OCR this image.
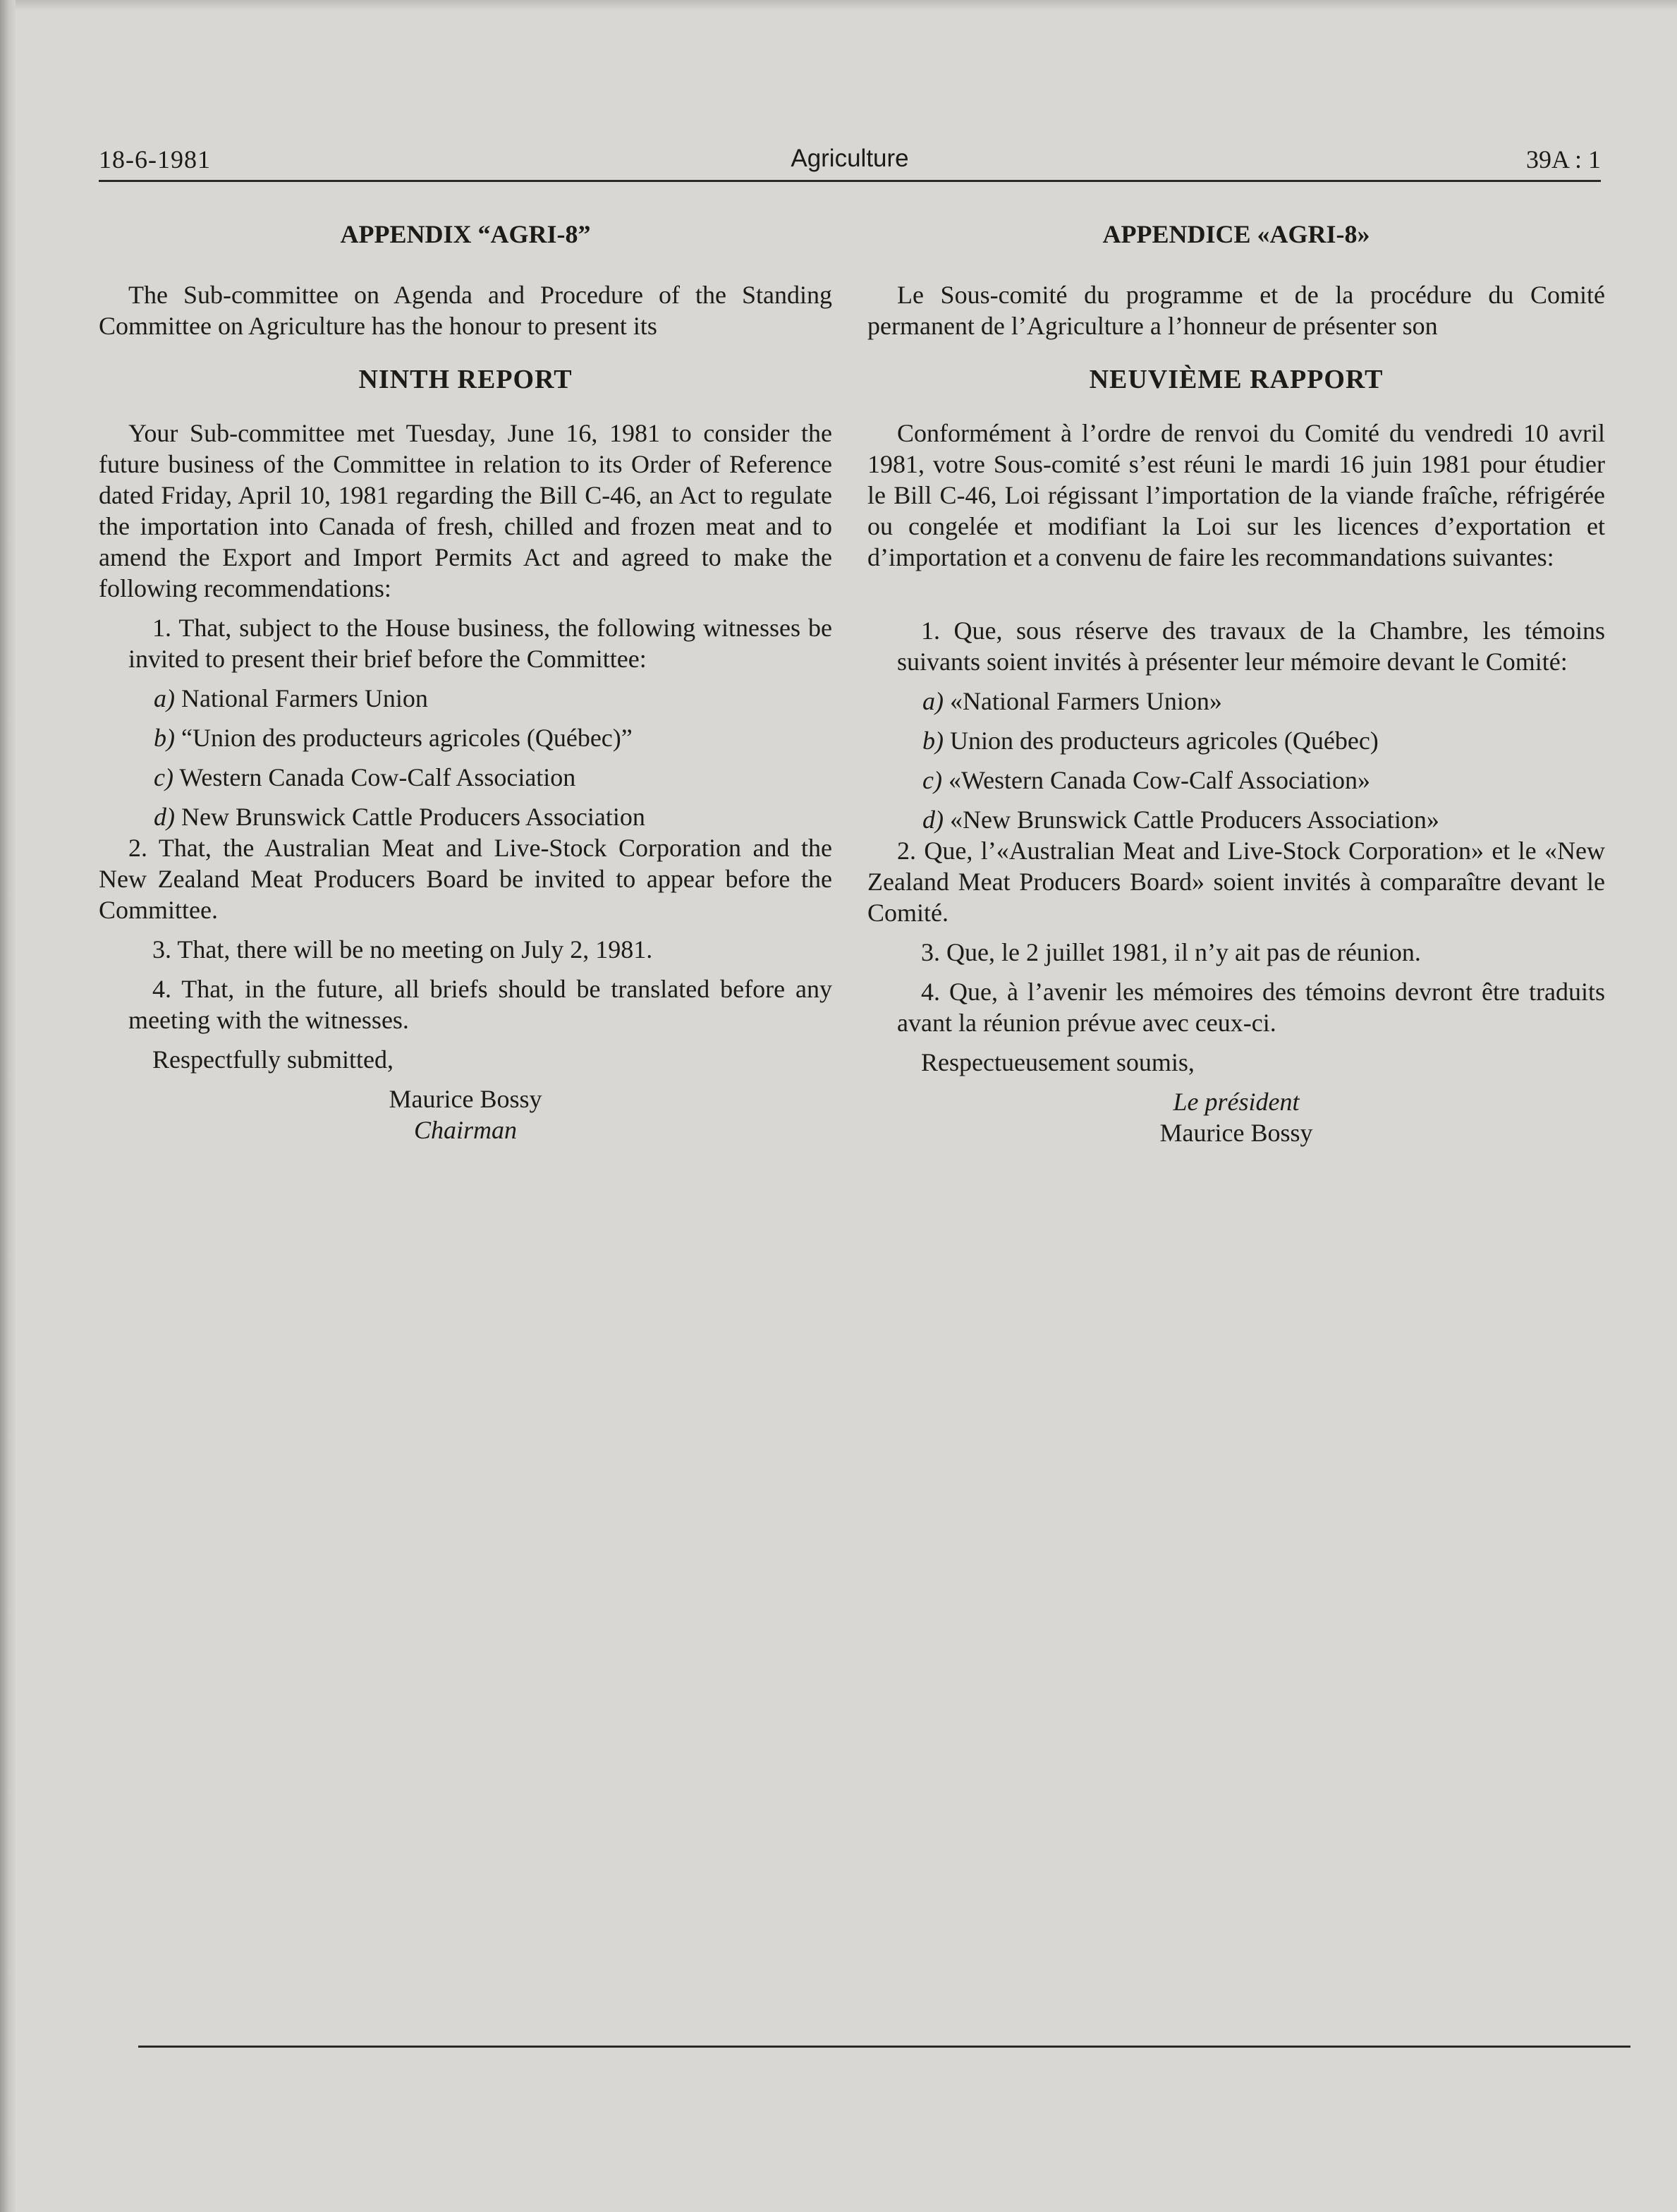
18-6-1981	Agriculture	39A : 1
APPENDIX “AGRI-8”

The Sub-committee on Agenda and Procedure of the Standing Committee on Agriculture has the honour to present its

NINTH REPORT

Your Sub-committee met Tuesday, June 16, 1981 to consider the future business of the Committee in relation to its Order of Reference dated Friday, April 10, 1981 regarding the Bill C-46, an Act to regulate the importation into Canada of fresh, chilled and frozen meat and to amend the Export and Import Permits Act and agreed to make the following recommendations:

1. That, subject to the House business, the following witnesses be invited to present their brief before the Committee:

a) National Farmers Union
b) “Union des producteurs agricoles (Québec)”
c) Western Canada Cow-Calf Association
d) New Brunswick Cattle Producers Association

2. That, the Australian Meat and Live-Stock Corporation and the New Zealand Meat Producers Board be invited to appear before the Committee.

3. That, there will be no meeting on July 2, 1981.

4. That, in the future, all briefs should be translated before any meeting with the witnesses.

Respectfully submitted,

Maurice Bossy
Chairman
APPENDICE «AGRI-8»

Le Sous-comité du programme et de la procédure du Comité permanent de l’Agriculture a l’honneur de présenter son

NEUVIÈME RAPPORT

Conformément à l’ordre de renvoi du Comité du vendredi 10 avril 1981, votre Sous-comité s’est réuni le mardi 16 juin 1981 pour étudier le Bill C-46, Loi régissant l’importation de la viande fraîche, réfrigérée ou congelée et modifiant la Loi sur les licences d’exportation et d’importation et a convenu de faire les recommandations suivantes:

1. Que, sous réserve des travaux de la Chambre, les témoins suivants soient invités à présenter leur mémoire devant le Comité:

a) «National Farmers Union»
b) Union des producteurs agricoles (Québec)
c) «Western Canada Cow-Calf Association»
d) «New Brunswick Cattle Producers Association»

2. Que, l’«Australian Meat and Live-Stock Corporation» et le «New Zealand Meat Producers Board» soient invités à comparaître devant le Comité.

3. Que, le 2 juillet 1981, il n’y ait pas de réunion.

4. Que, à l’avenir les mémoires des témoins devront être traduits avant la réunion prévue avec ceux-ci.

Respectueusement soumis,

Le président
Maurice Bossy
